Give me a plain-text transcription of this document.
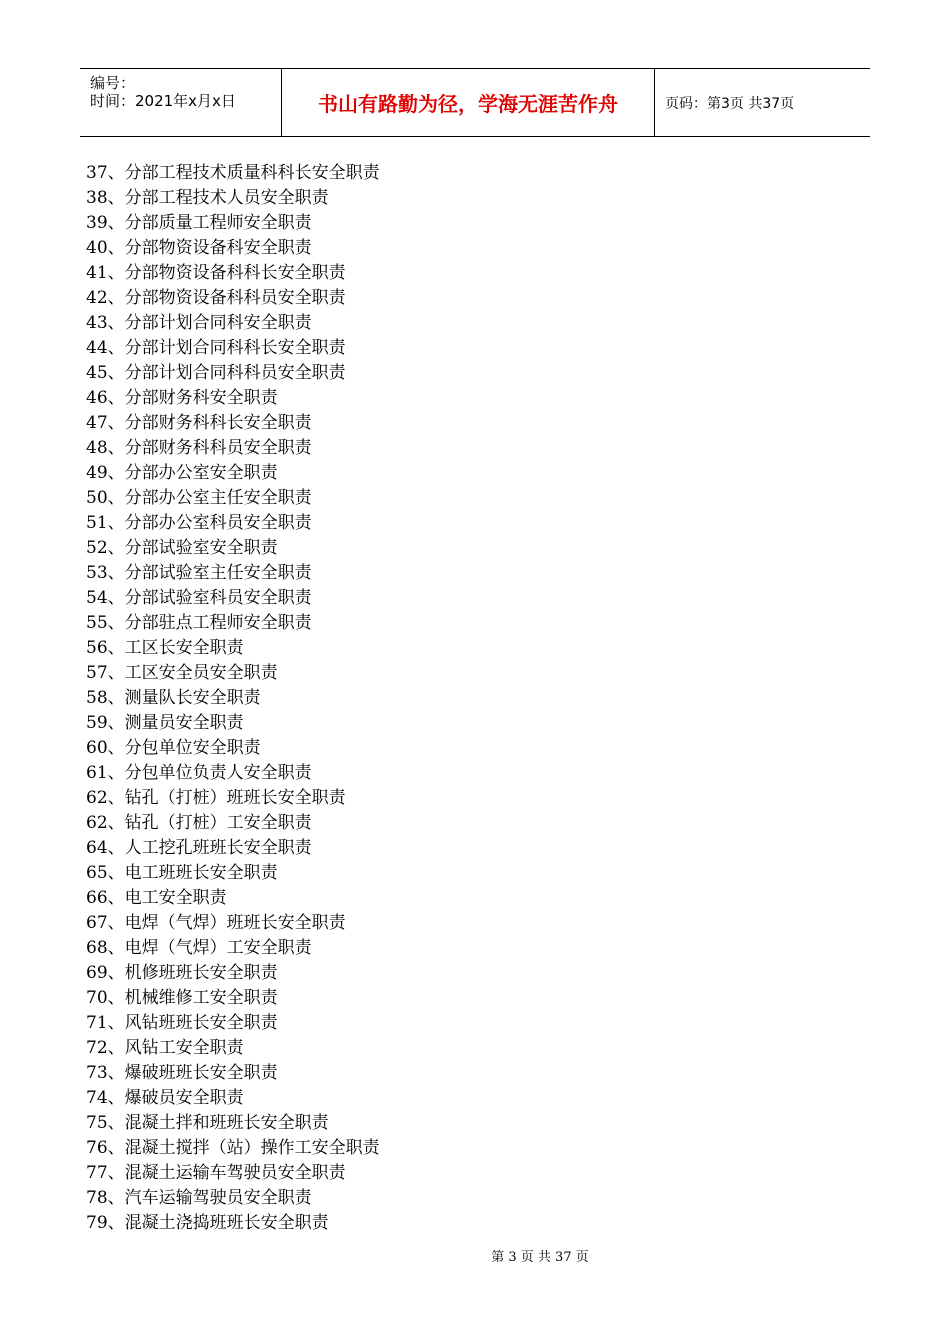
编号：
时间：2021年x月x日	书山有路勤为径，学海无涯苦作舟	页码：第3页 共37页
37、分部工程技术质量科科长安全职责
38、分部工程技术人员安全职责
39、分部质量工程师安全职责
40、分部物资设备科安全职责
41、分部物资设备科科长安全职责
42、分部物资设备科科员安全职责
43、分部计划合同科安全职责
44、分部计划合同科科长安全职责
45、分部计划合同科科员安全职责
46、分部财务科安全职责
47、分部财务科科长安全职责
48、分部财务科科员安全职责
49、分部办公室安全职责
50、分部办公室主任安全职责
51、分部办公室科员安全职责
52、分部试验室安全职责
53、分部试验室主任安全职责
54、分部试验室科员安全职责
55、分部驻点工程师安全职责
56、工区长安全职责
57、工区安全员安全职责
58、测量队长安全职责
59、测量员安全职责
60、分包单位安全职责
61、分包单位负责人安全职责
62、钻孔（打桩）班班长安全职责
62、钻孔（打桩）工安全职责
64、人工挖孔班班长安全职责
65、电工班班长安全职责
66、电工安全职责
67、电焊（气焊）班班长安全职责
68、电焊（气焊）工安全职责
69、机修班班长安全职责
70、机械维修工安全职责
71、风钻班班长安全职责
72、风钻工安全职责
73、爆破班班长安全职责
74、爆破员安全职责
75、混凝土拌和班班长安全职责
76、混凝土搅拌（站）操作工安全职责
77、混凝土运输车驾驶员安全职责
78、汽车运输驾驶员安全职责
79、混凝土浇捣班班长安全职责
第 3 页 共 37 页
